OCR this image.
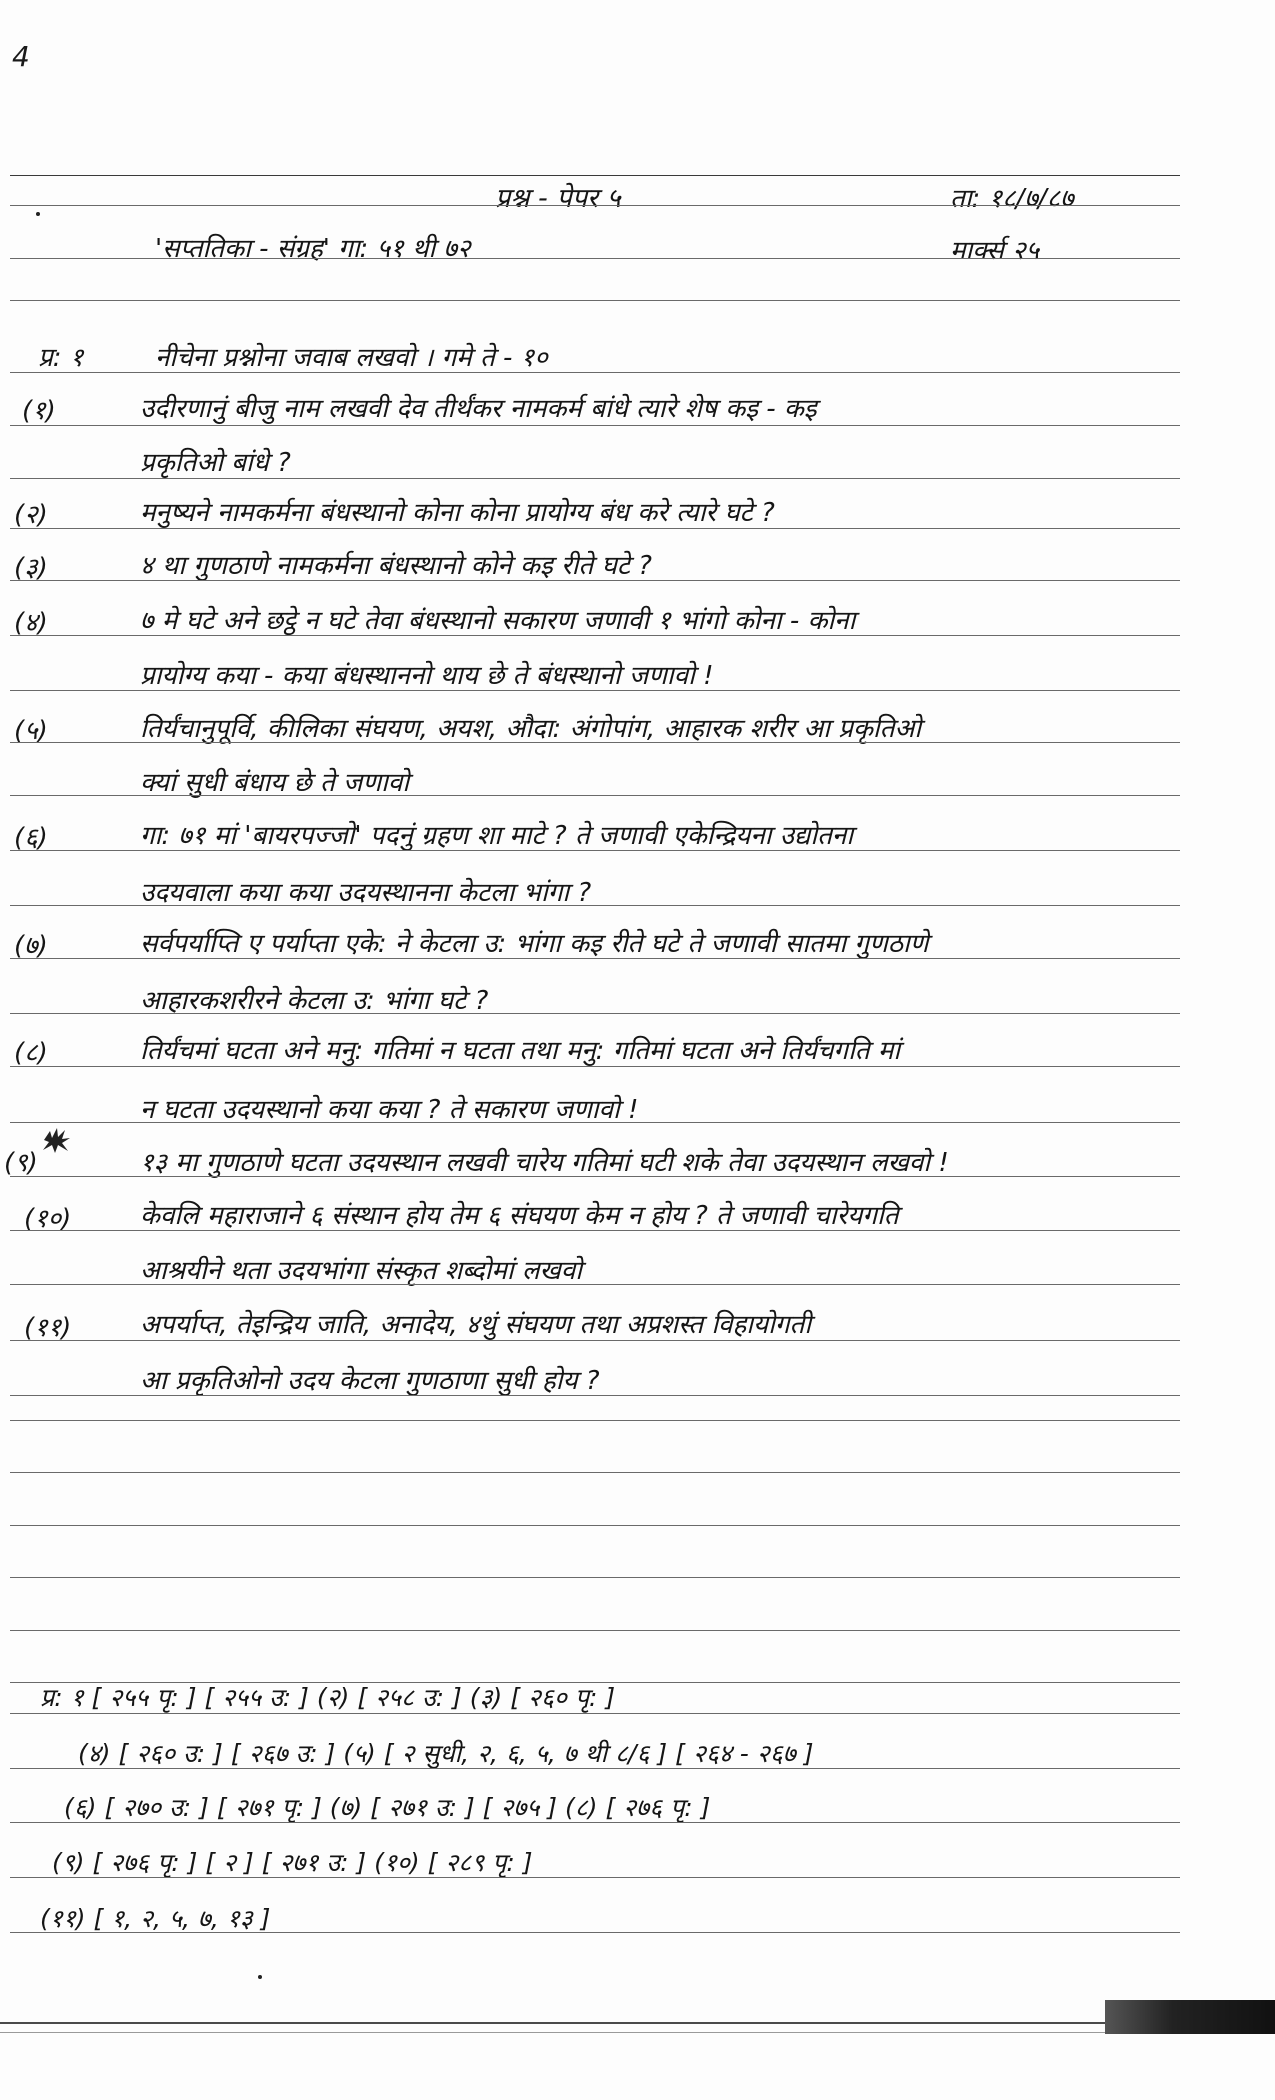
4
प्रश्न - पेपर ५	ता: १८/७/८७
'सप्ततिका - संग्रह' गा: ५१ थी ७२	मार्क्स २५
प्र: १	नीचेना प्रश्नोना जवाब लखवो । गमे ते - १०
(१)	उदीरणानुं बीजु नाम लखवी देव तीर्थंकर नामकर्म बांधे त्यारे शेष कइ - कइ
प्रकृतिओ बांधे ?
(२)	मनुष्यने नामकर्मना बंधस्थानो कोना कोना प्रायोग्य बंध करे त्यारे घटे ?
(३)	४ था गुणठाणे नामकर्मना बंधस्थानो कोने कइ रीते घटे ?
(४)	७ मे घटे अने छट्ठे न घटे तेवा बंधस्थानो सकारण जणावी १ भांगो कोना - कोना
प्रायोग्य कया - कया बंधस्थाननो थाय छे ते बंधस्थानो जणावो !
(५)	तिर्यंचानुपूर्वि, कीलिका संघयण, अयश, औदा: अंगोपांग, आहारक शरीर आ प्रकृतिओ
क्यां सुधी बंधाय छे ते जणावो
(६)	गा: ७१ मां 'बायरपज्जो' पदनुं ग्रहण शा माटे ? ते जणावी एकेन्द्रियना उद्योतना
उदयवाला कया कया उदयस्थानना केटला भांगा ?
(७)	सर्वपर्याप्ति ए पर्याप्ता एके: ने केटला उ: भांगा कइ रीते घटे ते जणावी सातमा गुणठाणे
आहारकशरीरने केटला उ: भांगा घटे ?
(८)	तिर्यंचमां घटता अने मनु: गतिमां न घटता तथा मनु: गतिमां घटता अने तिर्यंचगति मां
न घटता उदयस्थानो कया कया ? ते सकारण जणावो !
(९)	१३ मा गुणठाणे घटता उदयस्थान लखवी चारेय गतिमां घटी शके तेवा उदयस्थान लखवो !
(१०)	केवलि महाराजाने ६ संस्थान होय तेम ६ संघयण केम न होय ? ते जणावी चारेयगति
आश्रयीने थता उदयभांगा संस्कृत शब्दोमां लखवो
(११)	अपर्याप्त, तेइन्द्रिय जाति, अनादेय, ४थुं संघयण तथा अप्रशस्त विहायोगती
आ प्रकृतिओनो उदय केटला गुणठाणा सुधी होय ?
प्र: १ [ २५५ पृ: ] [ २५५ उ: ] (२) [ २५८ उ: ] (३) [ २६० पृ: ]
(४) [ २६० उ: ] [ २६७ उ: ] (५) [ २ सुधी, २, ६, ५, ७ थी ८/६ ] [ २६४ - २६७ ]
(६) [ २७० उ: ] [ २७१ पृ: ] (७) [ २७१ उ: ] [ २७५ ] (८) [ २७६ पृ: ]
(९) [ २७६ पृ: ] [ २ ] [ २७१ उ: ] (१०) [ २८९ पृ: ]
(११) [ १, २, ५, ७, १३ ]
